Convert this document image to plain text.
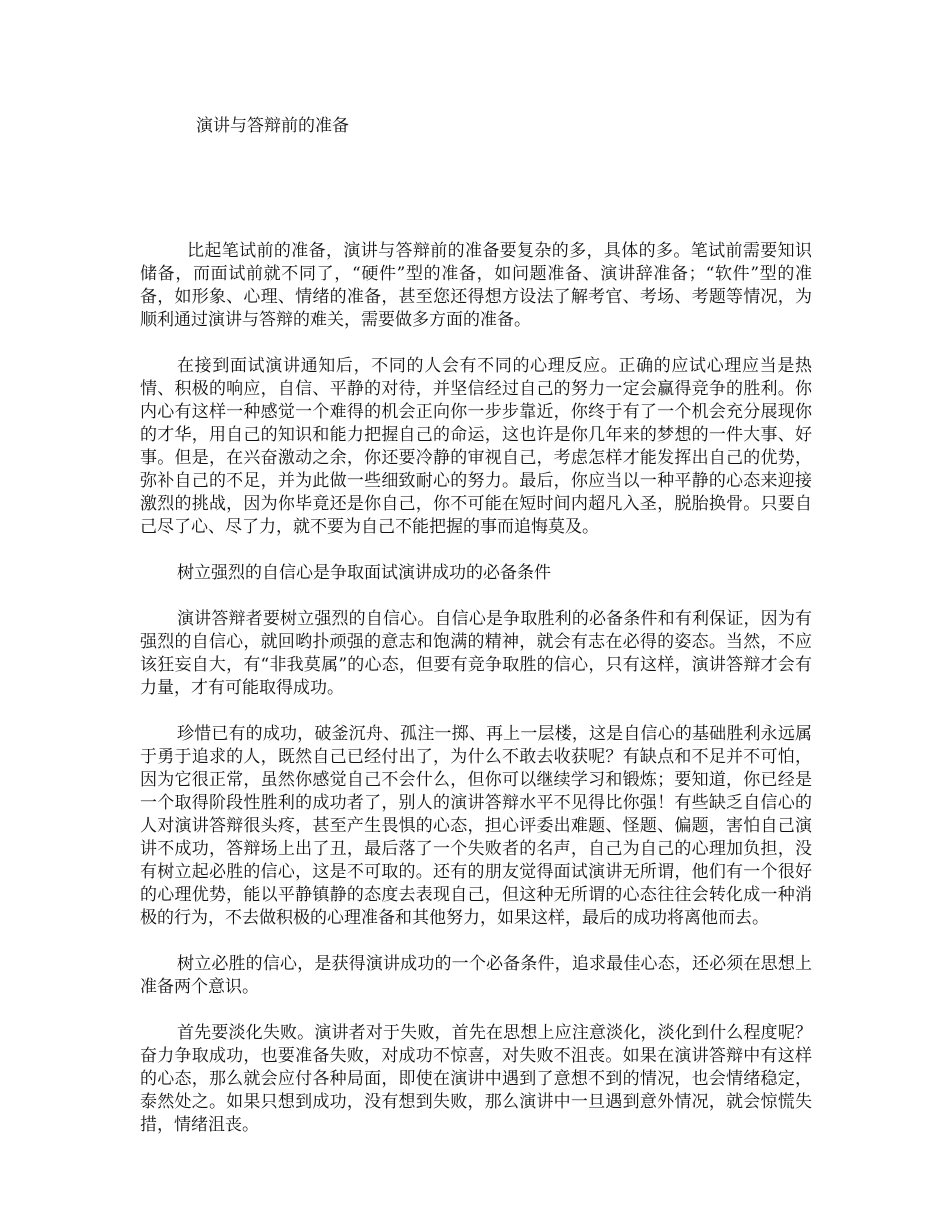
演讲与答辩前的准备

比起笔试前的准备，演讲与答辩前的准备要复杂的多，具体的多。笔试前需要知识储备，而面试前就不同了，“硬件”型的准备，如问题准备、演讲辞准备；“软件”型的准备，如形象、心理、情绪的准备，甚至您还得想方设法了解考官、考场、考题等情况，为顺利通过演讲与答辩的难关，需要做多方面的准备。

在接到面试演讲通知后，不同的人会有不同的心理反应。正确的应试心理应当是热情、积极的响应，自信、平静的对待，并坚信经过自己的努力一定会赢得竞争的胜利。你内心有这样一种感觉一个难得的机会正向你一步步靠近，你终于有了一个机会充分展现你的才华，用自己的知识和能力把握自己的命运，这也许是你几年来的梦想的一件大事、好事。但是，在兴奋激动之余，你还要冷静的审视自己，考虑怎样才能发挥出自己的优势，弥补自己的不足，并为此做一些细致耐心的努力。最后，你应当以一种平静的心态来迎接激烈的挑战，因为你毕竟还是你自己，你不可能在短时间内超凡入圣，脱胎换骨。只要自己尽了心、尽了力，就不要为自己不能把握的事而追悔莫及。

树立强烈的自信心是争取面试演讲成功的必备条件

演讲答辩者要树立强烈的自信心。自信心是争取胜利的必备条件和有利保证，因为有强烈的自信心，就回哟扑顽强的意志和饱满的精神，就会有志在必得的姿态。当然，不应该狂妄自大，有“非我莫属”的心态，但要有竞争取胜的信心，只有这样，演讲答辩才会有力量，才有可能取得成功。

珍惜已有的成功，破釜沉舟、孤注一掷、再上一层楼，这是自信心的基础胜利永远属于勇于追求的人，既然自己已经付出了，为什么不敢去收获呢？有缺点和不足并不可怕，因为它很正常，虽然你感觉自己不会什么，但你可以继续学习和锻炼；要知道，你已经是一个取得阶段性胜利的成功者了，别人的演讲答辩水平不见得比你强！有些缺乏自信心的人对演讲答辩很头疼，甚至产生畏惧的心态，担心评委出难题、怪题、偏题，害怕自己演讲不成功，答辩场上出了丑，最后落了一个失败者的名声，自己为自己的心理加负担，没有树立起必胜的信心，这是不可取的。还有的朋友觉得面试演讲无所谓，他们有一个很好的心理优势，能以平静镇静的态度去表现自己，但这种无所谓的心态往往会转化成一种消极的行为，不去做积极的心理准备和其他努力，如果这样，最后的成功将离他而去。

树立必胜的信心，是获得演讲成功的一个必备条件，追求最佳心态，还必须在思想上准备两个意识。

首先要淡化失败。演讲者对于失败，首先在思想上应注意淡化，淡化到什么程度呢？奋力争取成功，也要准备失败，对成功不惊喜，对失败不沮丧。如果在演讲答辩中有这样的心态，那么就会应付各种局面，即使在演讲中遇到了意想不到的情况，也会情绪稳定，泰然处之。如果只想到成功，没有想到失败，那么演讲中一旦遇到意外情况，就会惊慌失措，情绪沮丧。
